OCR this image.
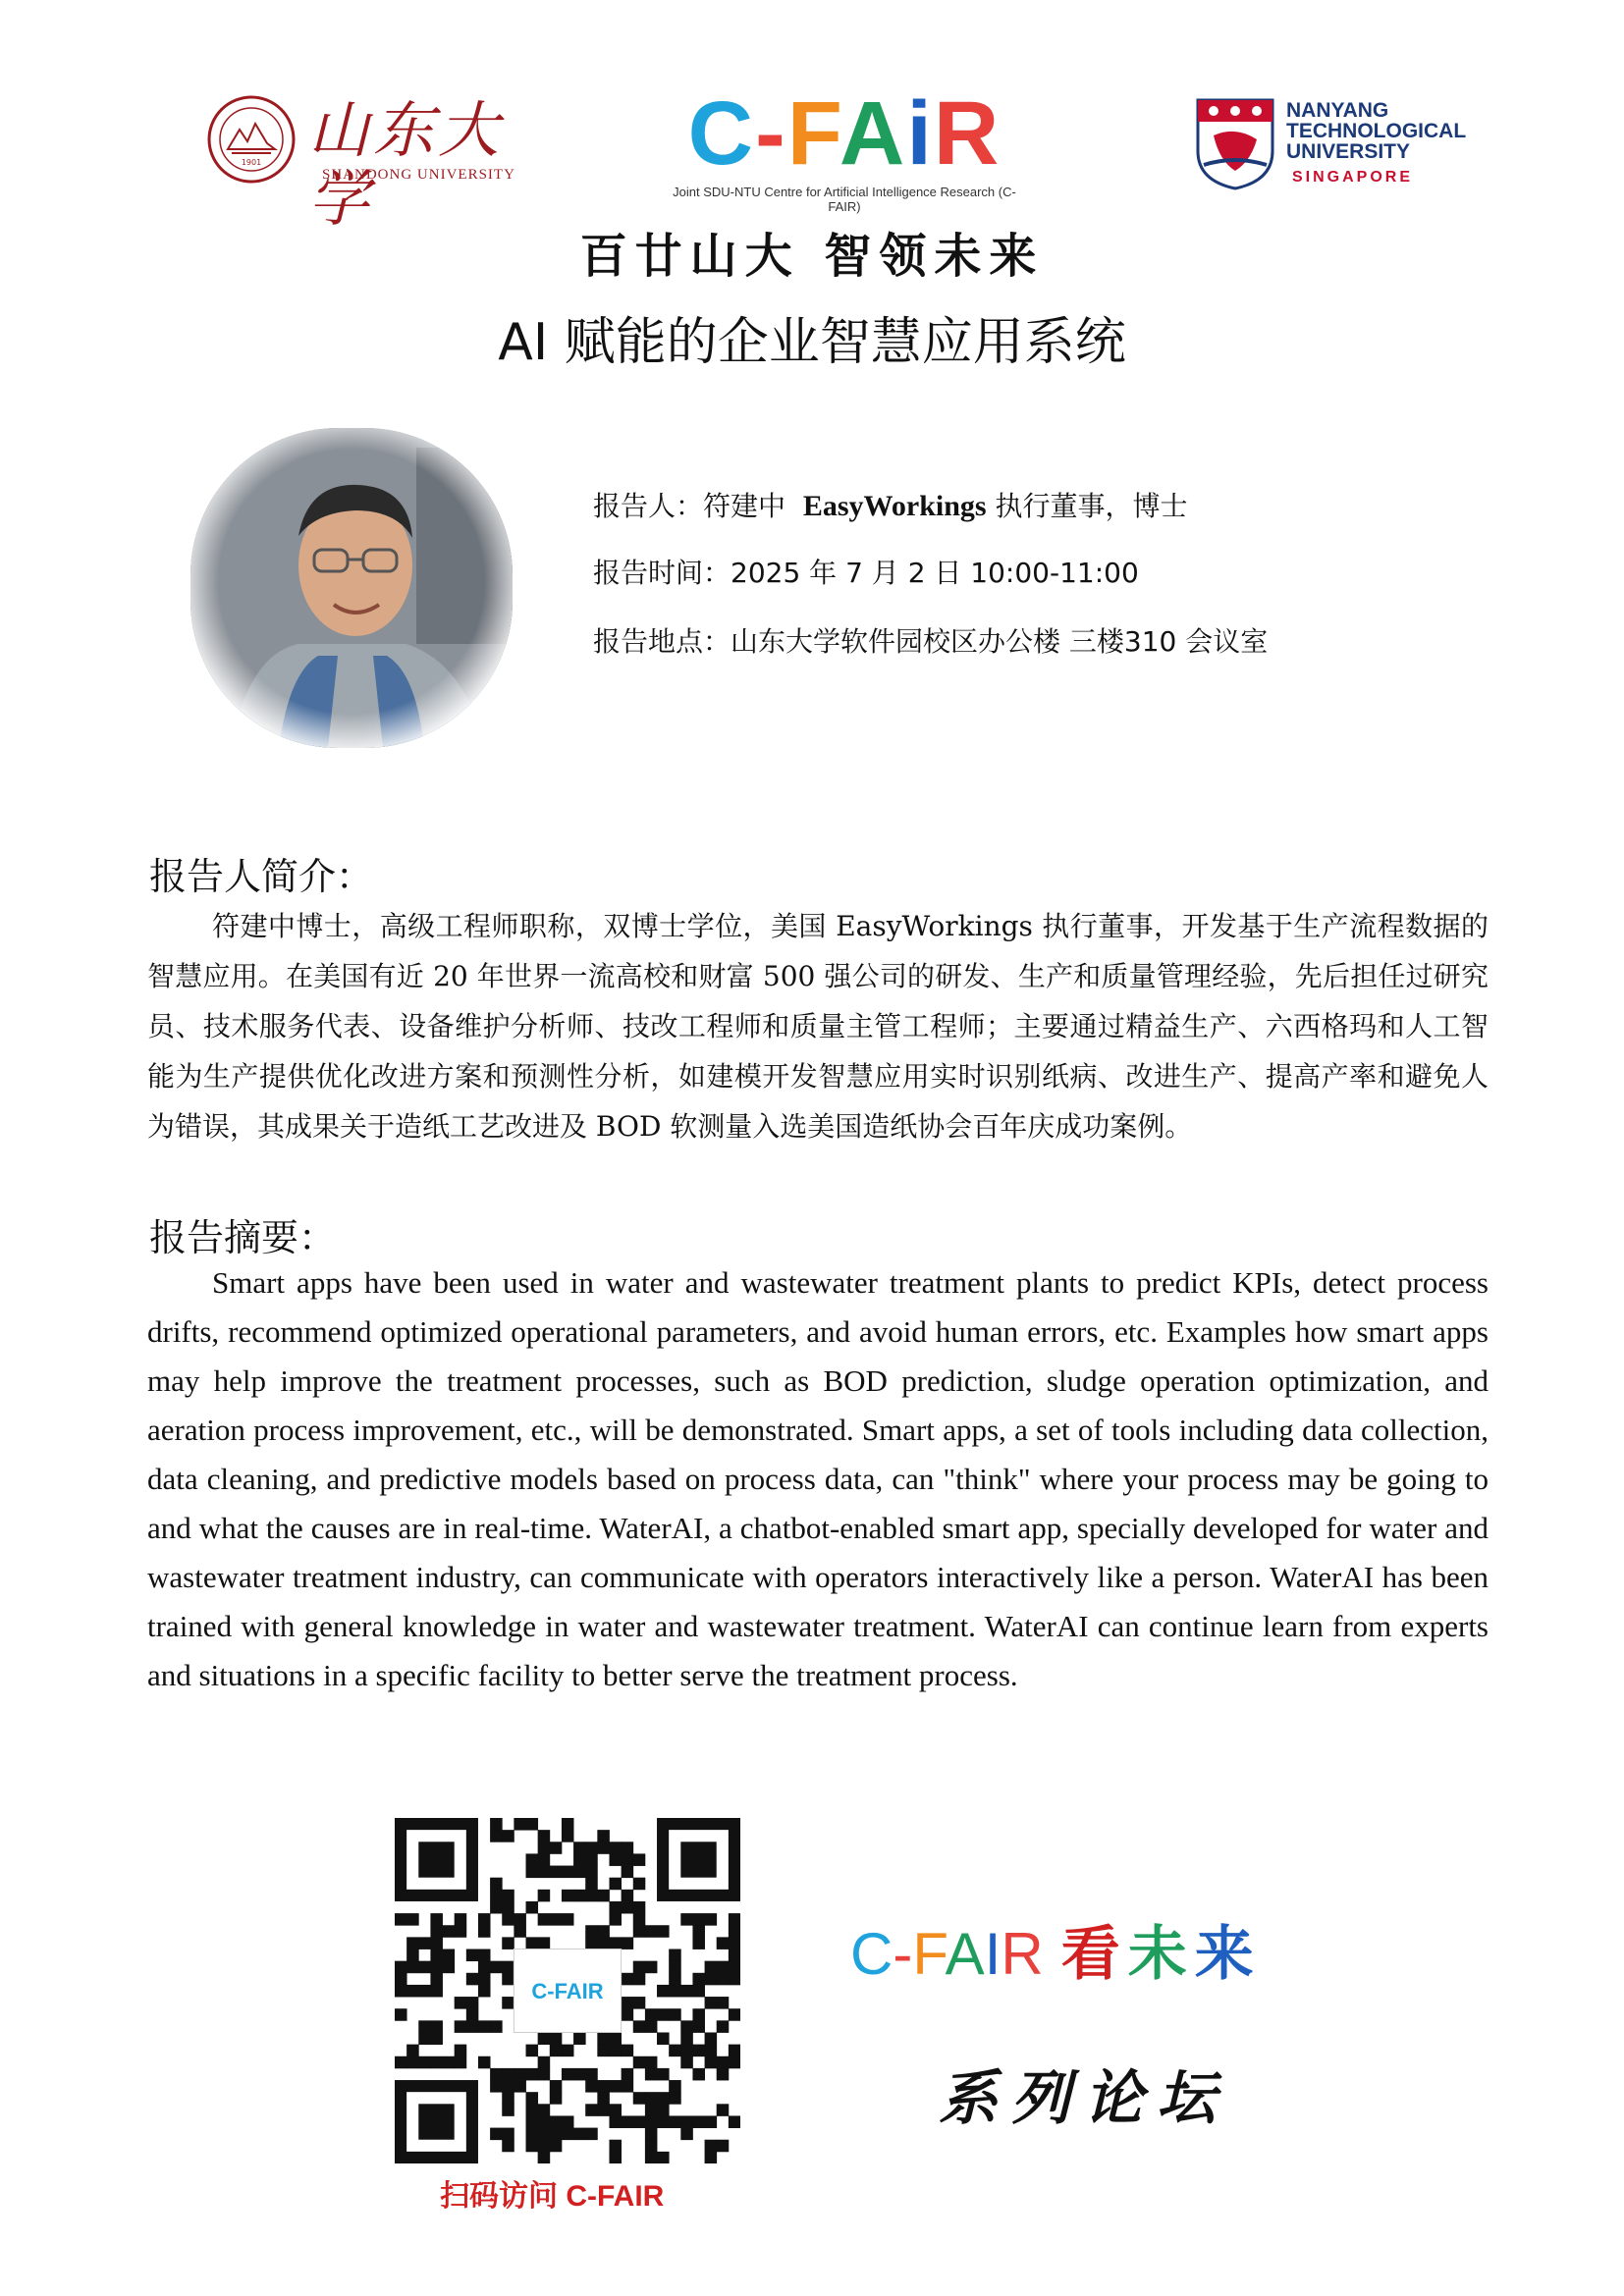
1901 山东大学
SHANDONG UNIVERSITY	C-FAiR
Joint SDU-NTU Centre for Artificial Intelligence Research (C-FAIR)
NANYANG
TECHNOLOGICAL
UNIVERSITY
SINGAPORE
百廿山大 智领未来
AI 赋能的企业智慧应用系统
报告人：符建中 EasyWorkings 执行董事，博士
报告时间：2025 年 7 月 2 日 10:00-11:00
报告地点：山东大学软件园校区办公楼 三楼310 会议室
报告人简介：
符建中博士，高级工程师职称，双博士学位，美国 EasyWorkings 执行董事，开发基于生产流程数据的智慧应用。在美国有近 20 年世界一流高校和财富 500 强公司的研发、生产和质量管理经验，先后担任过研究员、技术服务代表、设备维护分析师、技改工程师和质量主管工程师；主要通过精益生产、六西格玛和人工智能为生产提供优化改进方案和预测性分析，如建模开发智慧应用实时识别纸病、改进生产、提高产率和避免人为错误，其成果关于造纸工艺改进及 BOD 软测量入选美国造纸协会百年庆成功案例。
报告摘要：
Smart apps have been used in water and wastewater treatment plants to predict KPIs, detect process drifts, recommend optimized operational parameters, and avoid human errors, etc. Examples how smart apps may help improve the treatment processes, such as BOD prediction, sludge operation optimization, and aeration process improvement, etc., will be demonstrated. Smart apps, a set of tools including data collection, data cleaning, and predictive models based on process data, can "think" where your process may be going to and what the causes are in real-time. WaterAI, a chatbot-enabled smart app, specially developed for water and wastewater treatment industry, can communicate with operators interactively like a person. WaterAI has been trained with general knowledge in water and wastewater treatment. WaterAI can continue learn from experts and situations in a specific facility to better serve the treatment process.
C-FAIR
扫码访问 C-FAIR
C-FAIR 看未来
系列论坛
